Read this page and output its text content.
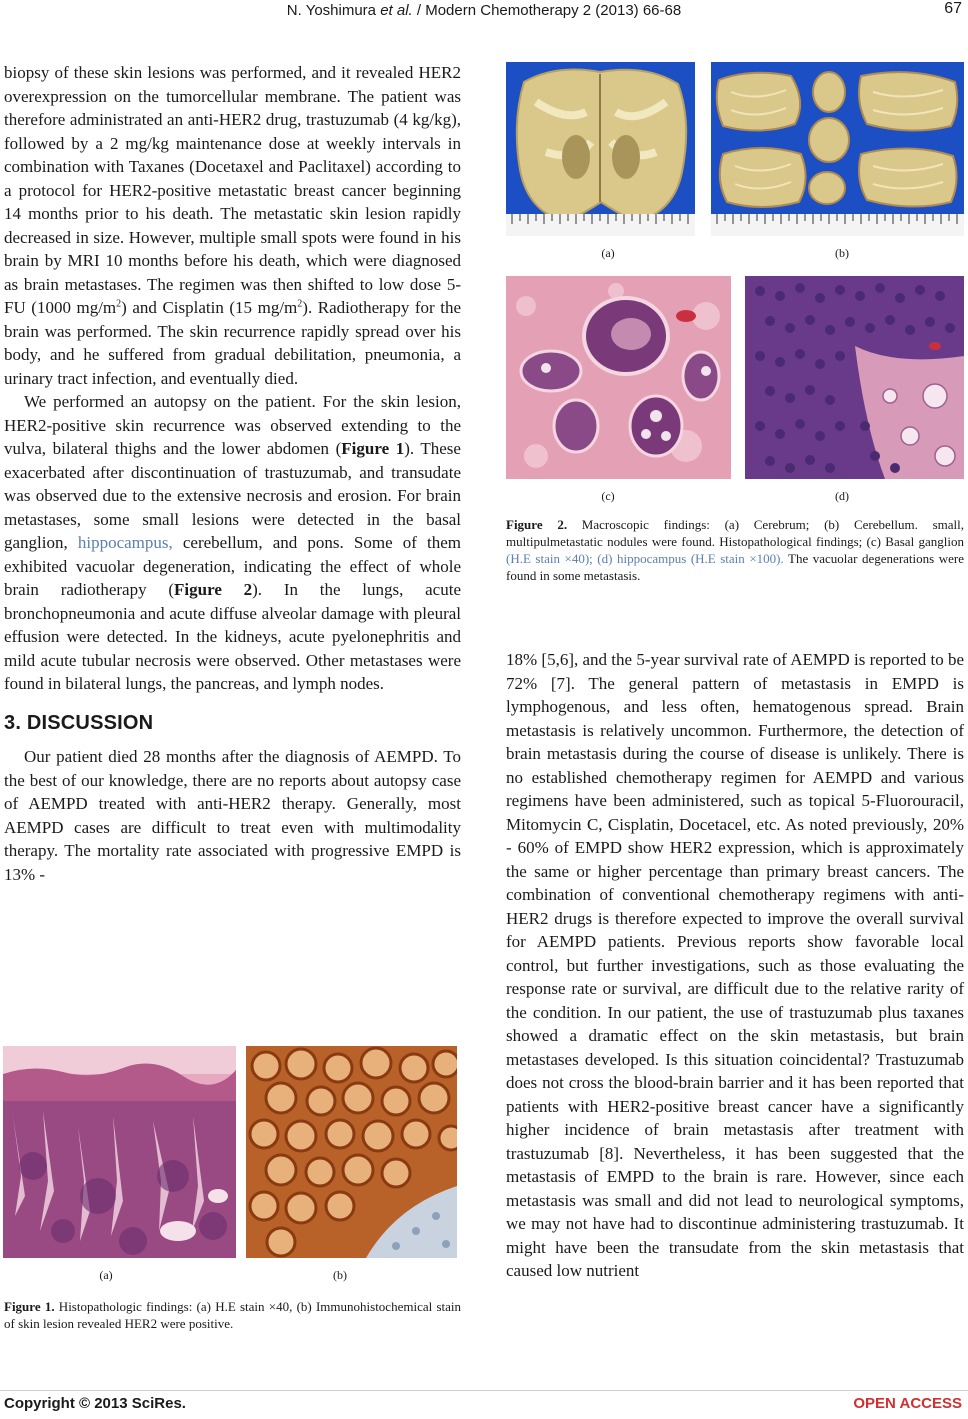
N. Yoshimura et al. / Modern Chemotherapy 2 (2013) 66-68	67

biopsy of these skin lesions was performed, and it revealed HER2 overexpression on the tumorcellular membrane. The patient was therefore administrated an anti-HER2 drug, trastuzumab (4 kg/kg), followed by a 2 mg/kg maintenance dose at weekly intervals in combination with Taxanes (Docetaxel and Paclitaxel) according to a protocol for HER2-positive metastatic breast cancer beginning 14 months prior to his death. The metastatic skin lesion rapidly decreased in size. However, multiple small spots were found in his brain by MRI 10 months before his death, which were diagnosed as brain metastases. The regimen was then shifted to low dose 5-FU (1000 $mg/m^2$) and Cisplatin (15 $mg/m^2$). Radiotherapy for the brain was performed. The skin recurrence rapidly spread over his body, and he suffered from gradual debilitation, pneumonia, a urinary tract infection, and eventually died.

We performed an autopsy on the patient. For the skin lesion, HER2-positive skin recurrence was observed extending to the vulva, bilateral thighs and the lower abdomen (Figure 1). These exacerbated after discontinuation of trastuzumab, and transudate was observed due to the extensive necrosis and erosion. For brain metastases, some small lesions were detected in the basal ganglion, hippocampus, cerebellum, and pons. Some of them exhibited vacuolar degeneration, indicating the effect of whole brain radiotherapy (Figure 2). In the lungs, acute bronchopneumonia and acute diffuse alveolar damage with pleural effusion were detected. In the kidneys, acute pyelonephritis and mild acute tubular necrosis were observed. Other metastases were found in bilateral lungs, the pancreas, and lymph nodes.

3. DISCUSSION

Our patient died 28 months after the diagnosis of AEMPD. To the best of our knowledge, there are no reports about autopsy case of AEMPD treated with anti-HER2 therapy. Generally, most AEMPD cases are difficult to treat even with multimodality therapy. The mortality rate associated with progressive EMPD is 13% -

(a)	(b)
Figure 1. Histopathologic findings: (a) H.E stain ×40, (b) Immunohistochemical stain of skin lesion revealed HER2 were positive.
(a)	(b)
(c)	(d)
Figure 2. Macroscopic findings: (a) Cerebrum; (b) Cerebellum. small, multipulmetastatic nodules were found. Histopathological findings; (c) Basal ganglion (H.E stain ×40); (d) hippocampus (H.E stain ×100). The vacuolar degenerations were found in some metastasis.

18% [5,6], and the 5-year survival rate of AEMPD is reported to be 72% [7]. The general pattern of metastasis in EMPD is lymphogenous, and less often, hematogenous spread. Brain metastasis is relatively uncommon. Furthermore, the detection of brain metastasis during the course of disease is unlikely. There is no established chemotherapy regimen for AEMPD and various regimens have been administered, such as topical 5-Fluorouracil, Mitomycin C, Cisplatin, Docetacel, etc. As noted previously, 20% - 60% of EMPD show HER2 expression, which is approximately the same or higher percentage than primary breast cancers. The combination of conventional chemotherapy regimens with anti-HER2 drugs is therefore expected to improve the overall survival for AEMPD patients. Previous reports show favorable local control, but further investigations, such as those evaluating the response rate or survival, are difficult due to the relative rarity of the condition. In our patient, the use of trastuzumab plus taxanes showed a dramatic effect on the skin metastasis, but brain metastases developed. Is this situation coincidental? Trastuzumab does not cross the blood-brain barrier and it has been reported that patients with HER2-positive breast cancer have a significantly higher incidence of brain metastasis after treatment with trastuzumab [8]. Nevertheless, it has been suggested that the metastasis of EMPD to the brain is rare. However, since each metastasis was small and did not lead to neurological symptoms, we may not have had to discontinue administering trastuzumab. It might have been the transudate from the skin metastasis that caused low nutrient

Copyright © 2013 SciRes.	OPEN ACCESS
